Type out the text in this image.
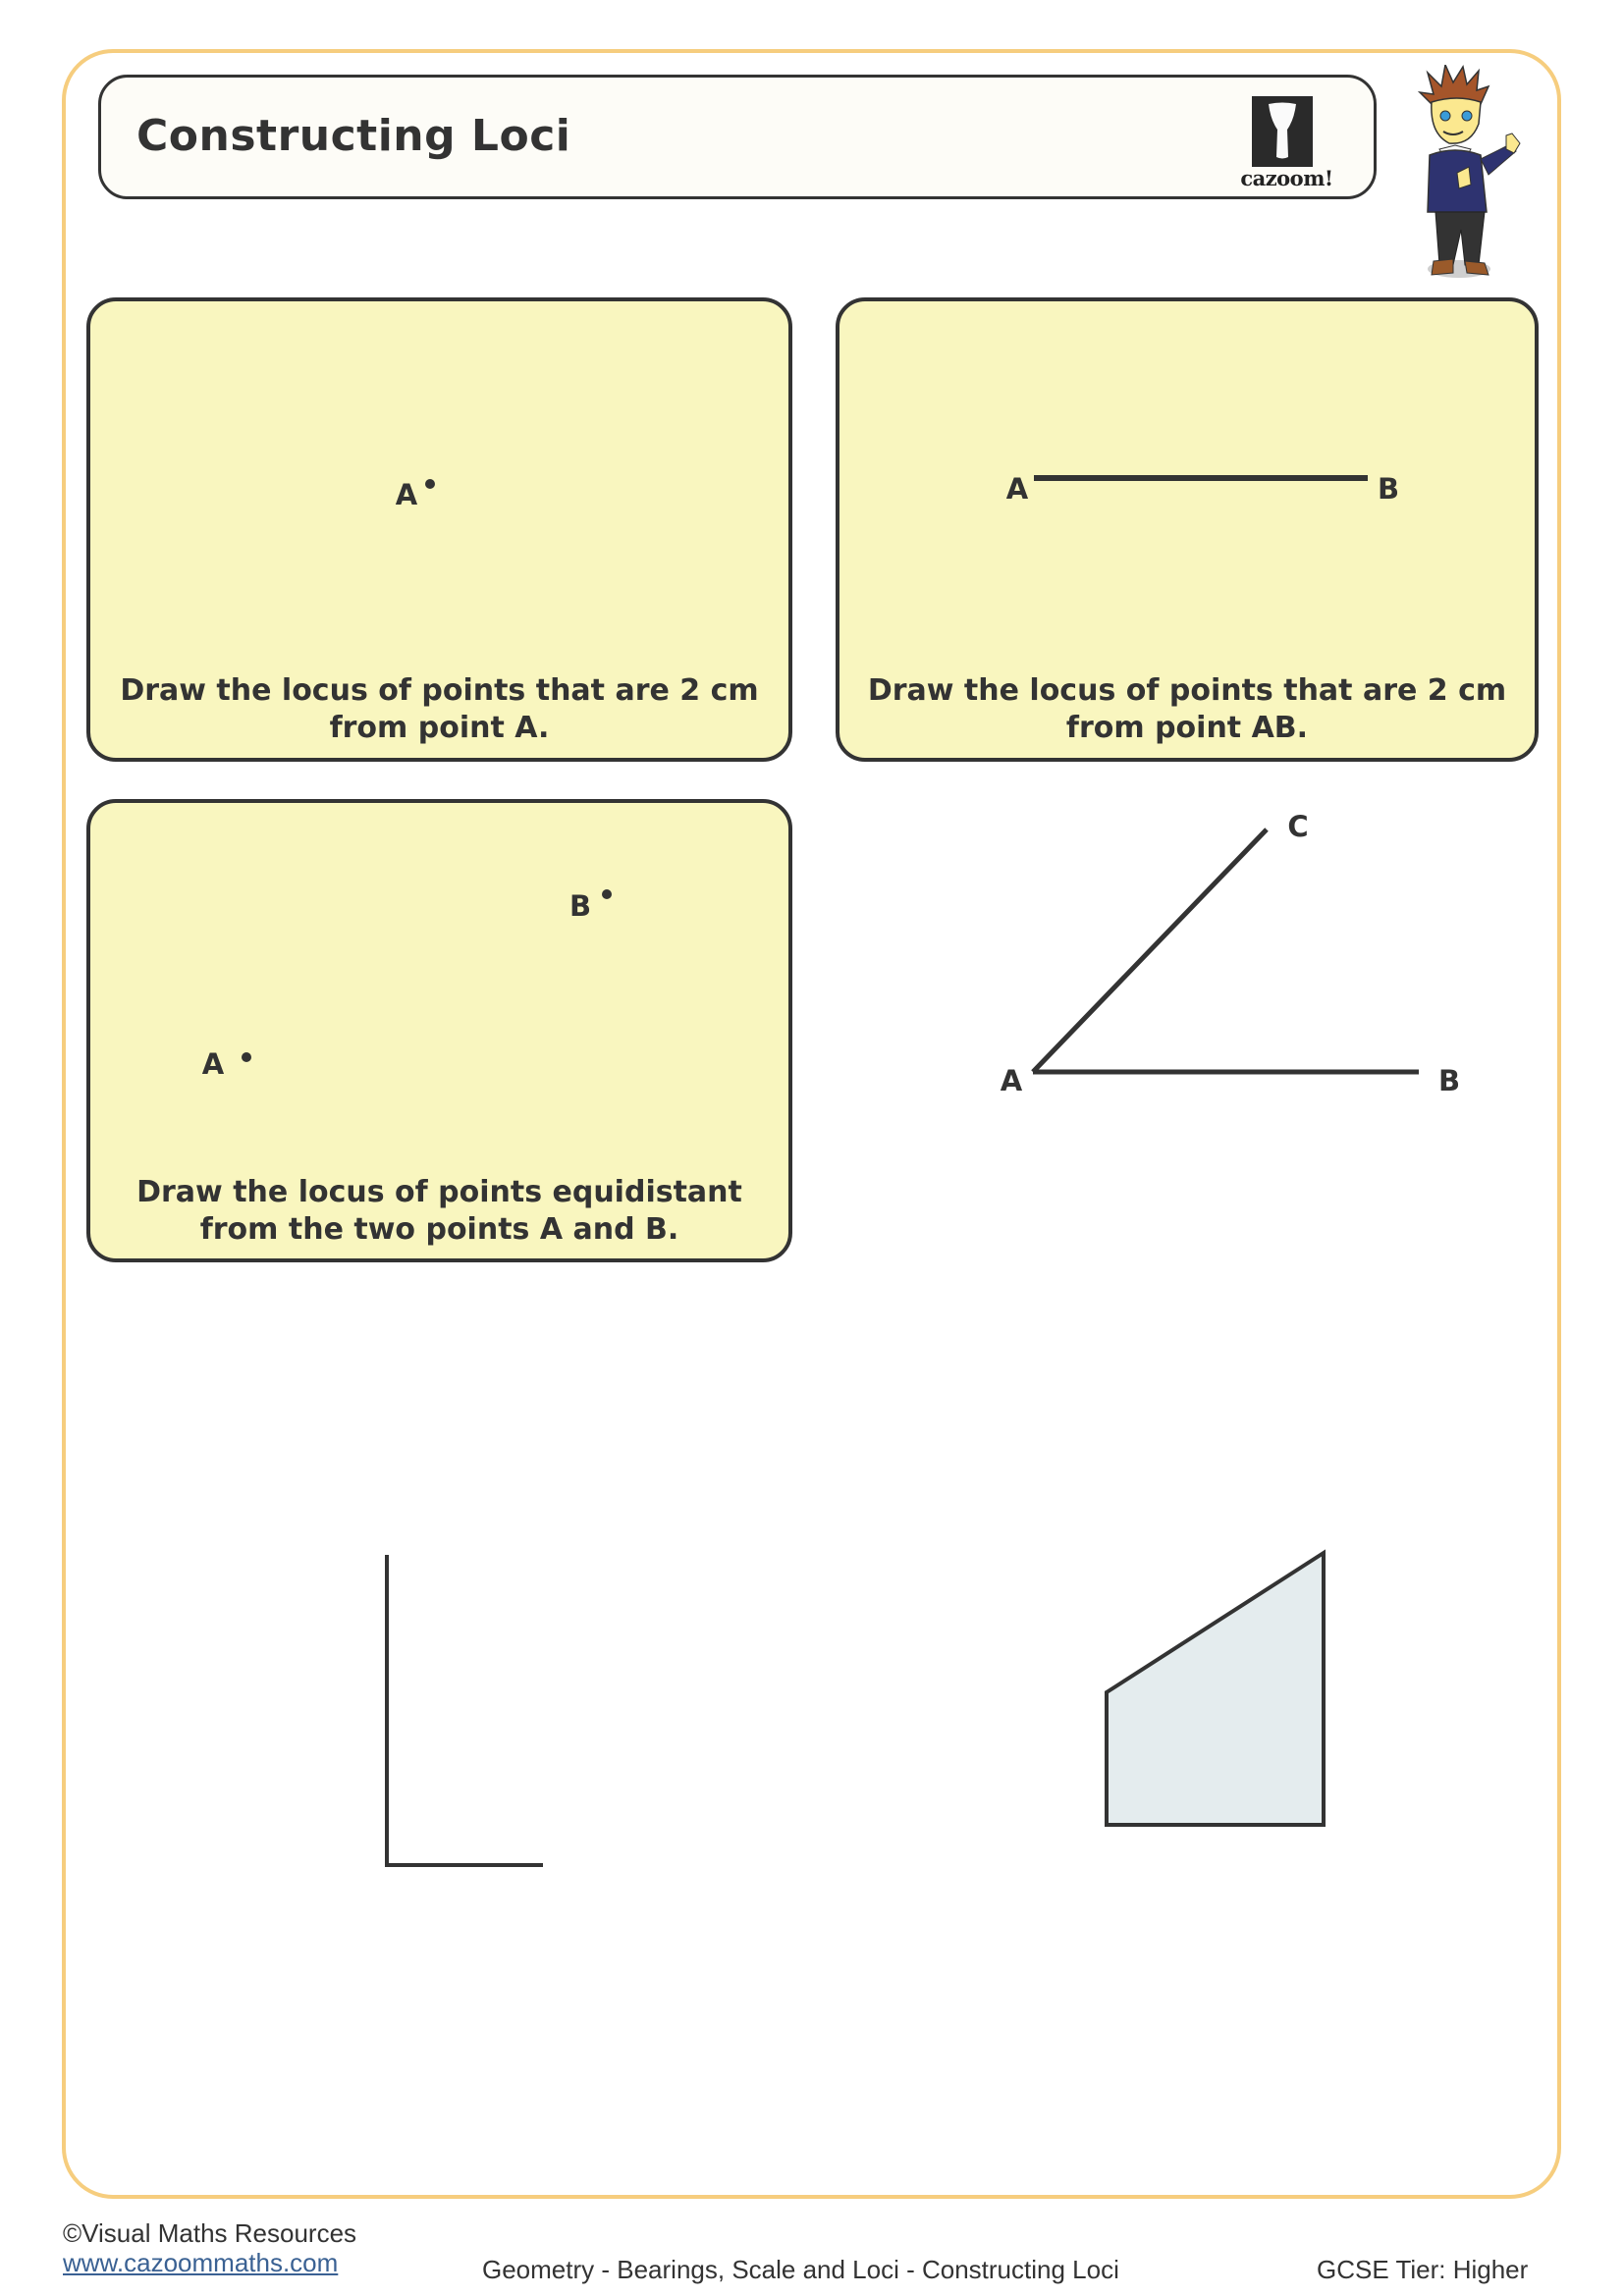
Constructing Loci
cazoom!
Draw the locus of points that are 2 cm
from point A.
A
Draw the locus of points that are 2 cm
from point AB.
A	B
Draw the locus of points equidistant
from the two points A and B.
B
A
Draw the locus of points equidistant
from the two lines AB and AC.
C
A	B
Draw the locus of points that are 2 cm
from this shape.
Draw the locus of points that are 2 cm
from this shape.
©Visual Maths Resources
www.cazoommaths.com	Geometry - Bearings, Scale and Loci - Constructing Loci	GCSE Tier: Higher
